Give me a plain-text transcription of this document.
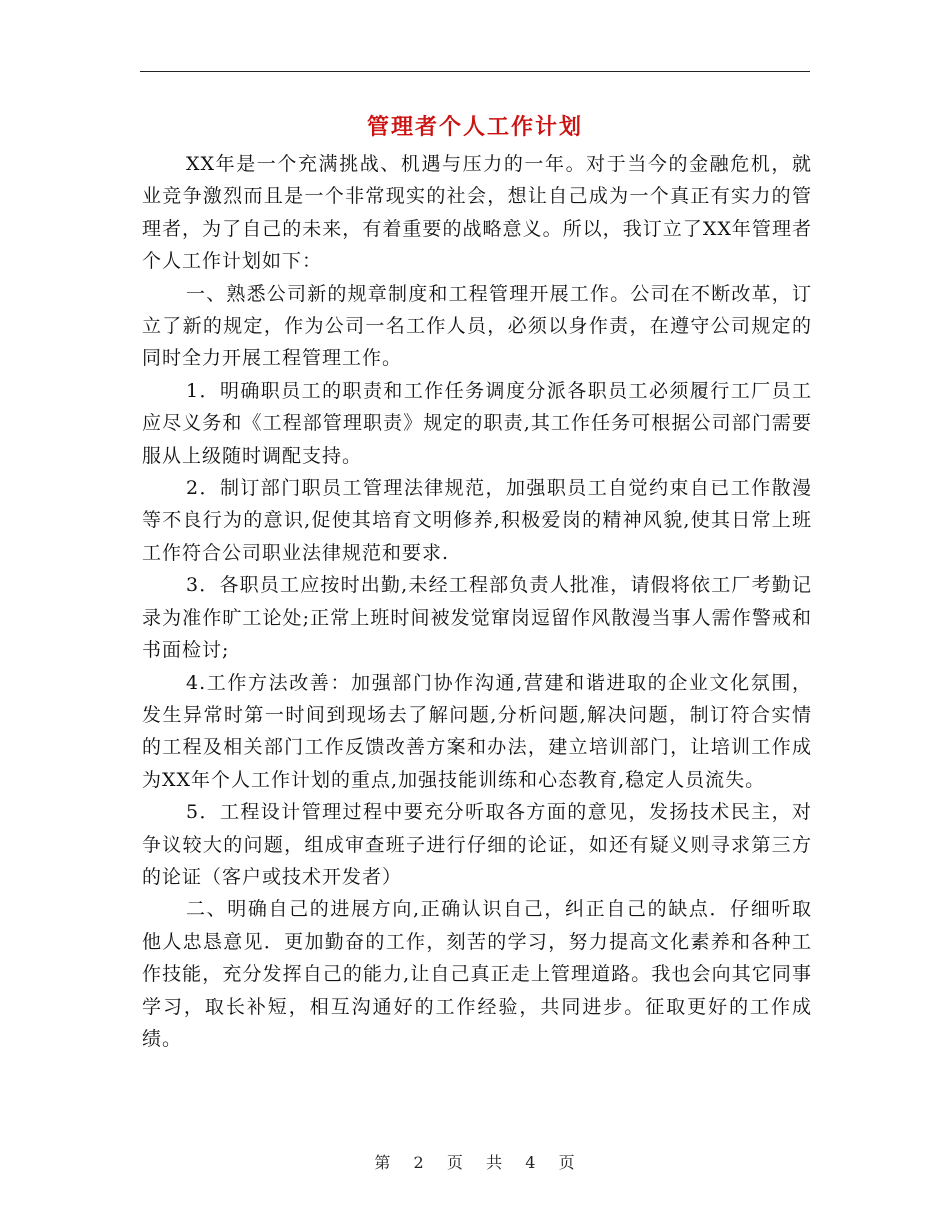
管理者个人工作计划

XX年是一个充满挑战、机遇与压力的一年。对于当今的金融危机，就业竞争激烈而且是一个非常现实的社会，想让自己成为一个真正有实力的管理者，为了自己的未来，有着重要的战略意义。所以，我订立了XX年管理者个人工作计划如下：

一、熟悉公司新的规章制度和工程管理开展工作。公司在不断改革，订立了新的规定，作为公司一名工作人员，必须以身作责，在遵守公司规定的同时全力开展工程管理工作。

1．明确职员工的职责和工作任务调度分派各职员工必须履行工厂员工应尽义务和《工程部管理职责》规定的职责,其工作任务可根据公司部门需要服从上级随时调配支持。

2．制订部门职员工管理法律规范，加强职员工自觉约束自已工作散漫等不良行为的意识,促使其培育文明修养,积极爱岗的精神风貌,使其日常上班工作符合公司职业法律规范和要求.

3．各职员工应按时出勤,未经工程部负责人批准，请假将依工厂考勤记录为准作旷工论处;正常上班时间被发觉窜岗逗留作风散漫当事人需作警戒和书面检讨;

4.工作方法改善：加强部门协作沟通,营建和谐进取的企业文化氛围，发生异常时第一时间到现场去了解问题,分析问题,解决问题，制订符合实情的工程及相关部门工作反馈改善方案和办法，建立培训部门，让培训工作成为XX年个人工作计划的重点,加强技能训练和心态教育,稳定人员流失。

5．工程设计管理过程中要充分听取各方面的意见，发扬技术民主，对争议较大的问题，组成审查班子进行仔细的论证，如还有疑义则寻求第三方的论证（客户或技术开发者）

二、明确自己的进展方向,正确认识自己，纠正自己的缺点．仔细听取他人忠恳意见．更加勤奋的工作，刻苦的学习，努力提高文化素养和各种工作技能，充分发挥自己的能力,让自己真正走上管理道路。我也会向其它同事学习，取长补短，相互沟通好的工作经验，共同进步。征取更好的工作成绩。

第 2 页 共 4 页
